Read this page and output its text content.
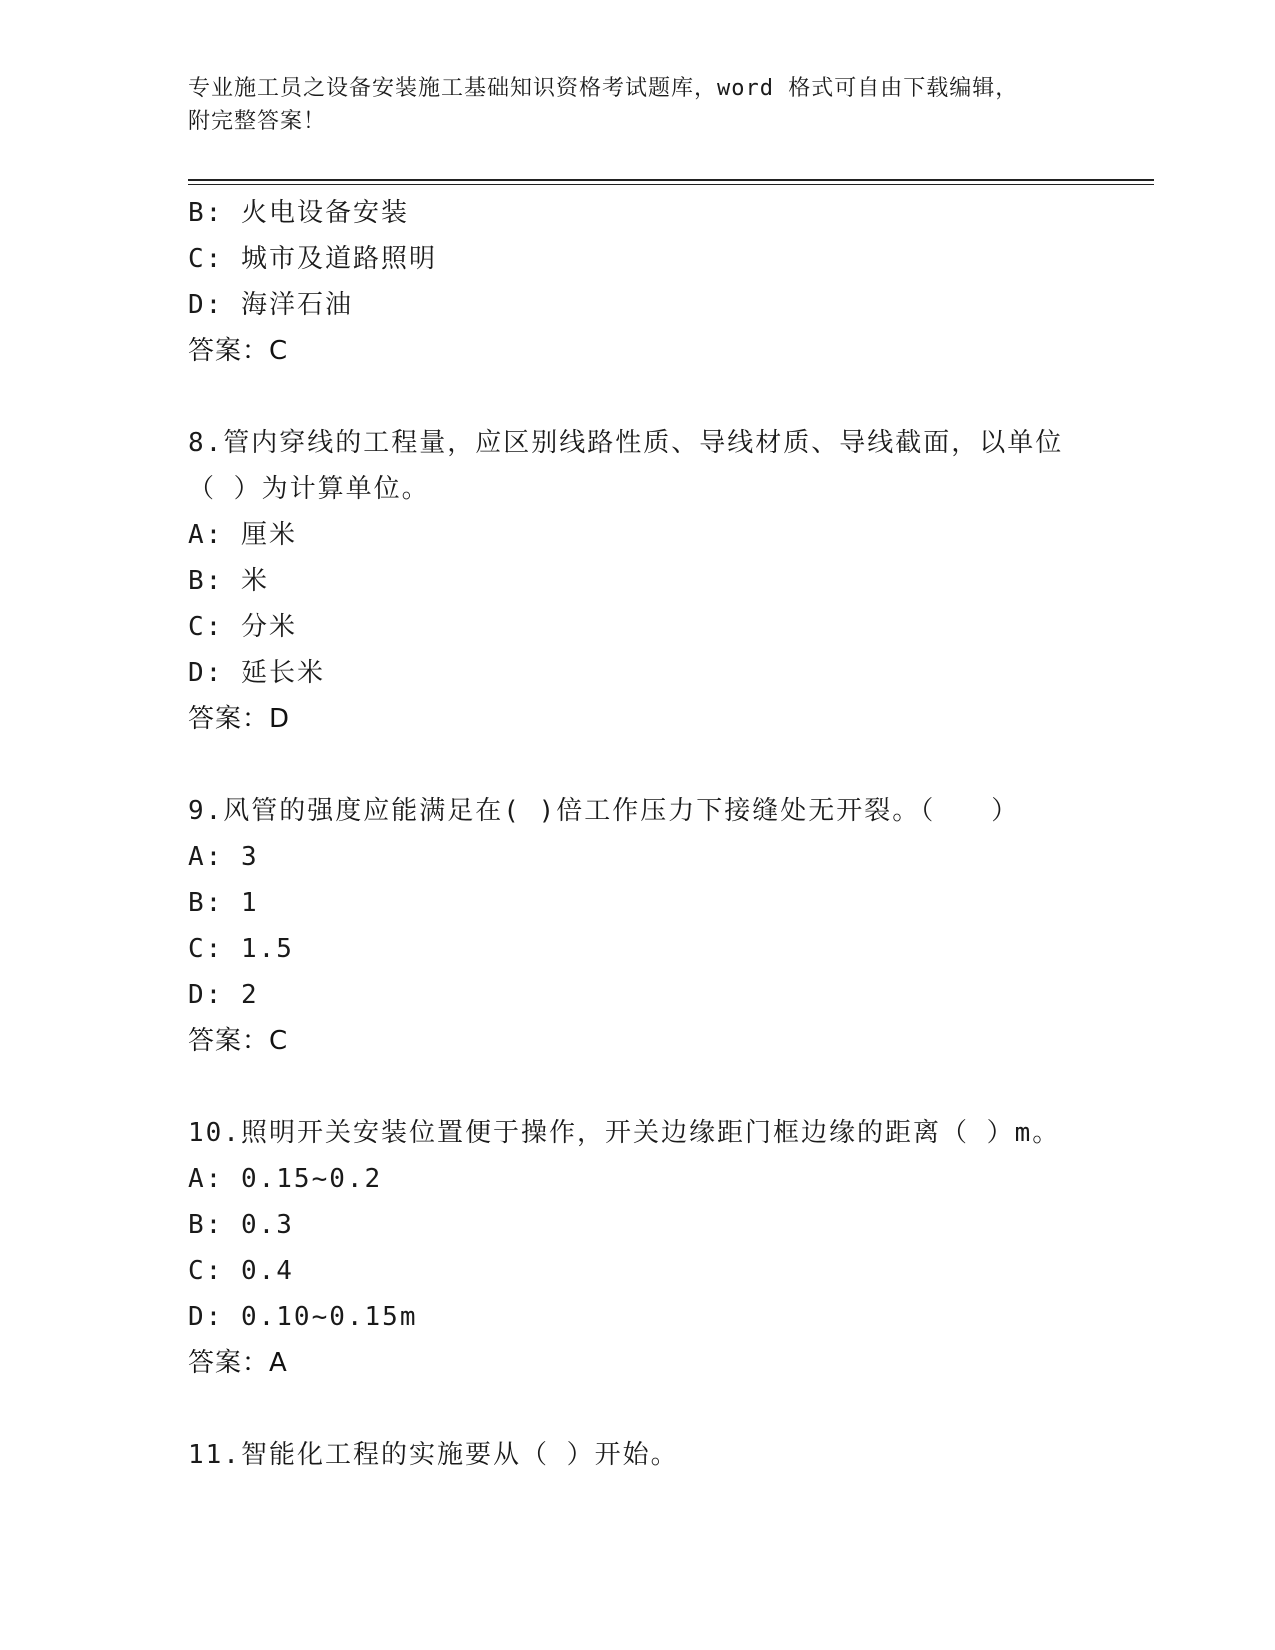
专业施工员之设备安装施工基础知识资格考试题库，word 格式可自由下载编辑，
附完整答案！
B: 火电设备安装
C: 城市及道路照明
D: 海洋石油
答案：C
8.管内穿线的工程量，应区别线路性质、导线材质、导线截面，以单位（ ）为计算单位。
A: 厘米
B: 米
C: 分米
D: 延长米
答案：D
9.风管的强度应能满足在( )倍工作压力下接缝处无开裂。（　　）
A: 3
B: 1
C: 1.5
D: 2
答案：C
10.照明开关安装位置便于操作，开关边缘距门框边缘的距离（ ）m。
A: 0.15~0.2
B: 0.3
C: 0.4
D: 0.10~0.15m
答案：A
11.智能化工程的实施要从（ ）开始。
